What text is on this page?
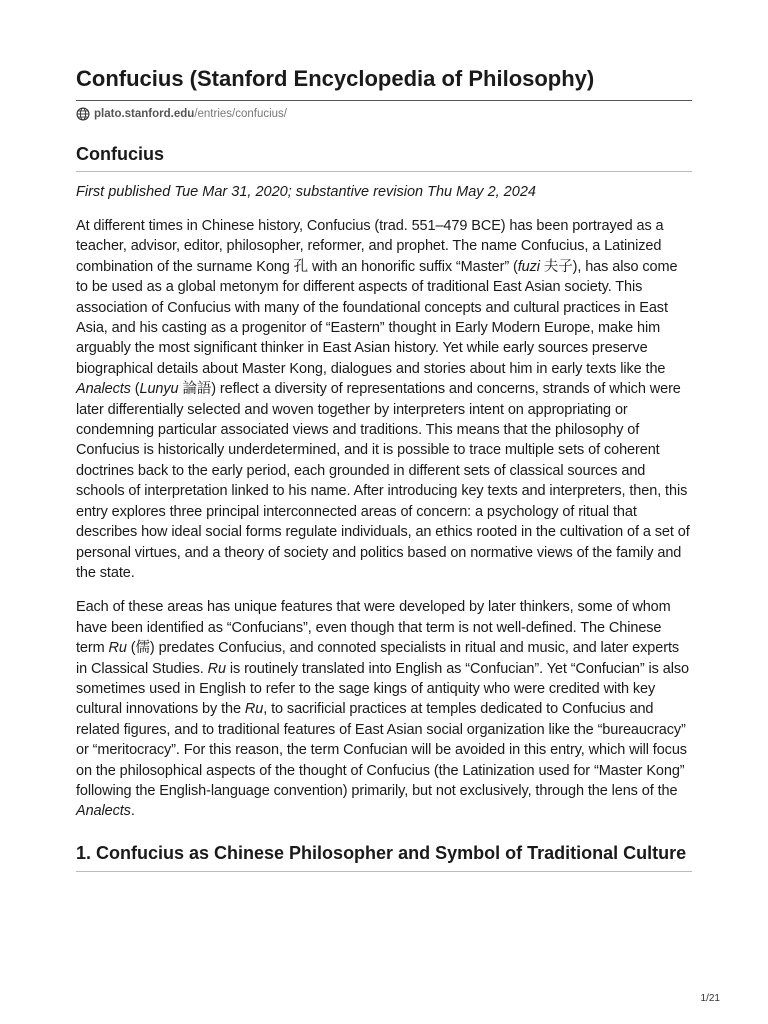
Confucius (Stanford Encyclopedia of Philosophy)
plato.stanford.edu/entries/confucius/
Confucius
First published Tue Mar 31, 2020; substantive revision Thu May 2, 2024

At different times in Chinese history, Confucius (trad. 551–479 BCE) has been portrayed as a teacher, advisor, editor, philosopher, reformer, and prophet. The name Confucius, a Latinized combination of the surname Kong 孔 with an honorific suffix “Master” (fuzi 夫子), has also come to be used as a global metonym for different aspects of traditional East Asian society. This association of Confucius with many of the foundational concepts and cultural practices in East Asia, and his casting as a progenitor of “Eastern” thought in Early Modern Europe, make him arguably the most significant thinker in East Asian history. Yet while early sources preserve biographical details about Master Kong, dialogues and stories about him in early texts like the Analects (Lunyu 論語) reflect a diversity of representations and concerns, strands of which were later differentially selected and woven together by interpreters intent on appropriating or condemning particular associated views and traditions. This means that the philosophy of Confucius is historically underdetermined, and it is possible to trace multiple sets of coherent doctrines back to the early period, each grounded in different sets of classical sources and schools of interpretation linked to his name. After introducing key texts and interpreters, then, this entry explores three principal interconnected areas of concern: a psychology of ritual that describes how ideal social forms regulate individuals, an ethics rooted in the cultivation of a set of personal virtues, and a theory of society and politics based on normative views of the family and the state.

Each of these areas has unique features that were developed by later thinkers, some of whom have been identified as “Confucians”, even though that term is not well-defined. The Chinese term Ru (儒) predates Confucius, and connoted specialists in ritual and music, and later experts in Classical Studies. Ru is routinely translated into English as “Confucian”. Yet “Confucian” is also sometimes used in English to refer to the sage kings of antiquity who were credited with key cultural innovations by the Ru, to sacrificial practices at temples dedicated to Confucius and related figures, and to traditional features of East Asian social organization like the “bureaucracy” or “meritocracy”. For this reason, the term Confucian will be avoided in this entry, which will focus on the philosophical aspects of the thought of Confucius (the Latinization used for “Master Kong” following the English-language convention) primarily, but not exclusively, through the lens of the Analects.

1. Confucius as Chinese Philosopher and Symbol of Traditional Culture
1/21
